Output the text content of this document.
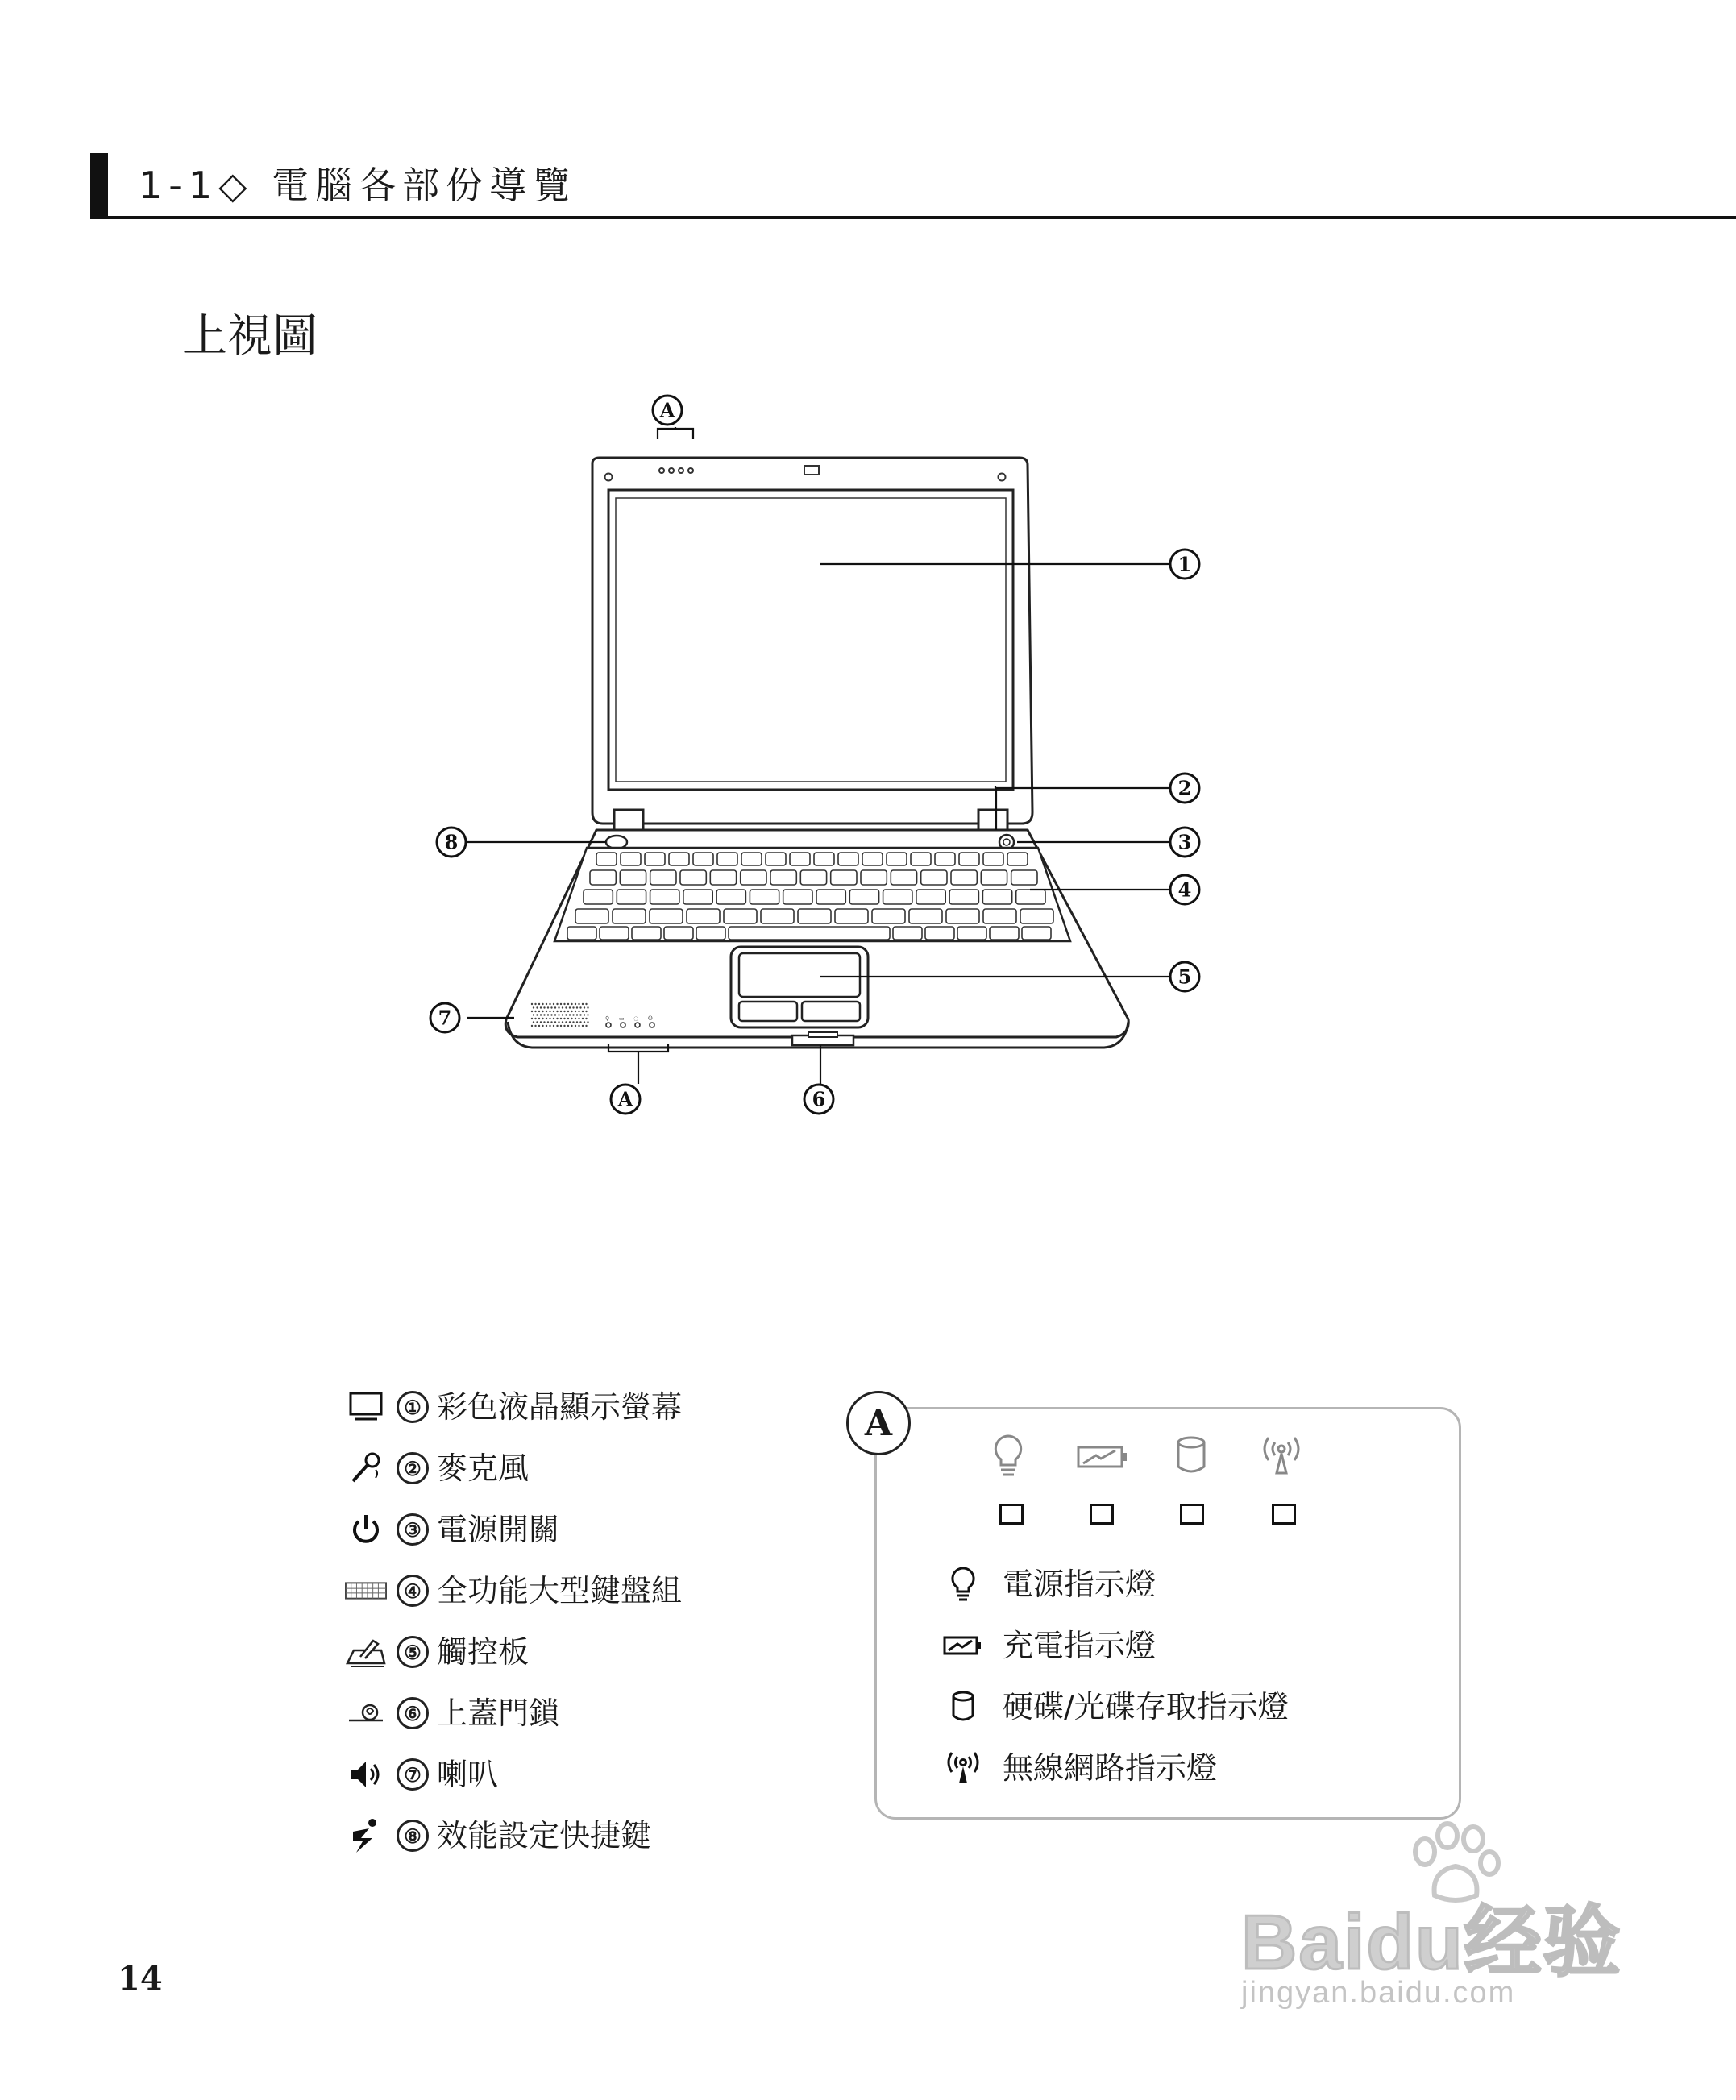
1-1◇ 電腦各部份導覽
上視圖
♀ ▭ ◌ ʘ
A
1
2
3
4
5
6
7
8
A
① 彩色液晶顯示螢幕
② 麥克風
③ 電源開關
④ 全功能大型鍵盤組
⑤ 觸控板
⑥ 上蓋門鎖
⑦ 喇叭
⑧ 效能設定快捷鍵
A
電源指示燈
充電指示燈
硬碟/光碟存取指示燈
無線網路指示燈
14	Baidu经验
jingyan.baidu.com
